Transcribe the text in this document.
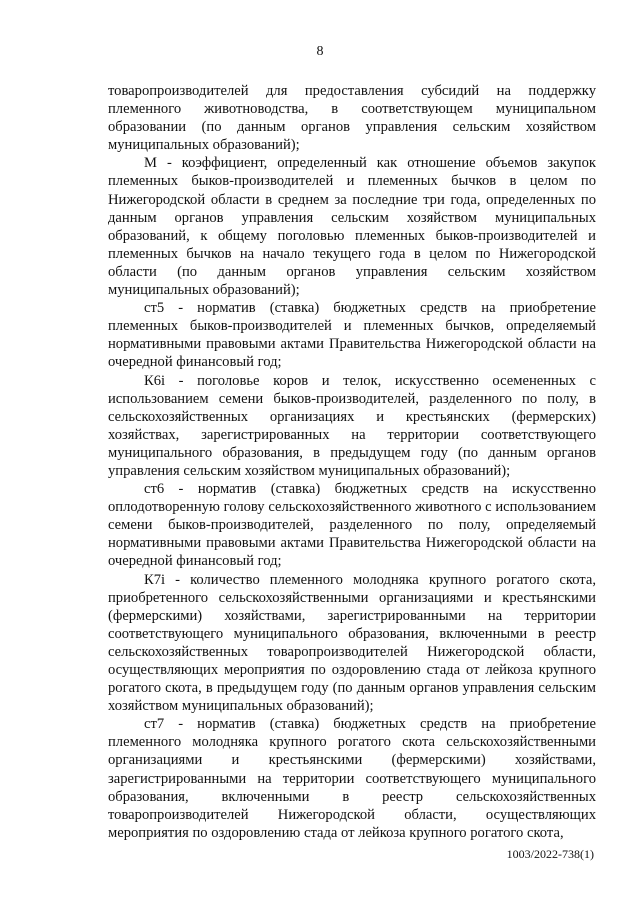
8

товаропроизводителей для предоставления субсидий на поддержку племенного животноводства, в соответствующем муниципальном образовании (по данным органов управления сельским хозяйством муниципальных образований);

М - коэффициент, определенный как отношение объемов закупок племенных быков-производителей и племенных бычков в целом по Нижегородской области в среднем за последние три года, определенных по данным органов управления сельским хозяйством муниципальных образований, к общему поголовью племенных быков-производителей и племенных бычков на начало текущего года в целом по Нижегородской области (по данным органов управления сельским хозяйством муниципальных образований);

ст5 - норматив (ставка) бюджетных средств на приобретение племенных быков-производителей и племенных бычков, определяемый нормативными правовыми актами Правительства Нижегородской области на очередной финансовый год;

К6i - поголовье коров и телок, искусственно осемененных с использованием семени быков-производителей, разделенного по полу, в сельскохозяйственных организациях и крестьянских (фермерских) хозяйствах, зарегистрированных на территории соответствующего муниципального образования, в предыдущем году (по данным органов управления сельским хозяйством муниципальных образований);

ст6 - норматив (ставка) бюджетных средств на искусственно оплодотворенную голову сельскохозяйственного животного с использованием семени быков-производителей, разделенного по полу, определяемый нормативными правовыми актами Правительства Нижегородской области на очередной финансовый год;

К7i - количество племенного молодняка крупного рогатого скота, приобретенного сельскохозяйственными организациями и крестьянскими (фермерскими) хозяйствами, зарегистрированными на территории соответствующего муниципального образования, включенными в реестр сельскохозяйственных товаропроизводителей Нижегородской области, осуществляющих мероприятия по оздоровлению стада от лейкоза крупного рогатого скота, в предыдущем году (по данным органов управления сельским хозяйством муниципальных образований);

ст7 - норматив (ставка) бюджетных средств на приобретение племенного молодняка крупного рогатого скота сельскохозяйственными организациями и крестьянскими (фермерскими) хозяйствами, зарегистрированными на территории соответствующего муниципального образования, включенными в реестр сельскохозяйственных товаропроизводителей Нижегородской области, осуществляющих мероприятия по оздоровлению стада от лейкоза крупного рогатого скота,

1003/2022-738(1)
